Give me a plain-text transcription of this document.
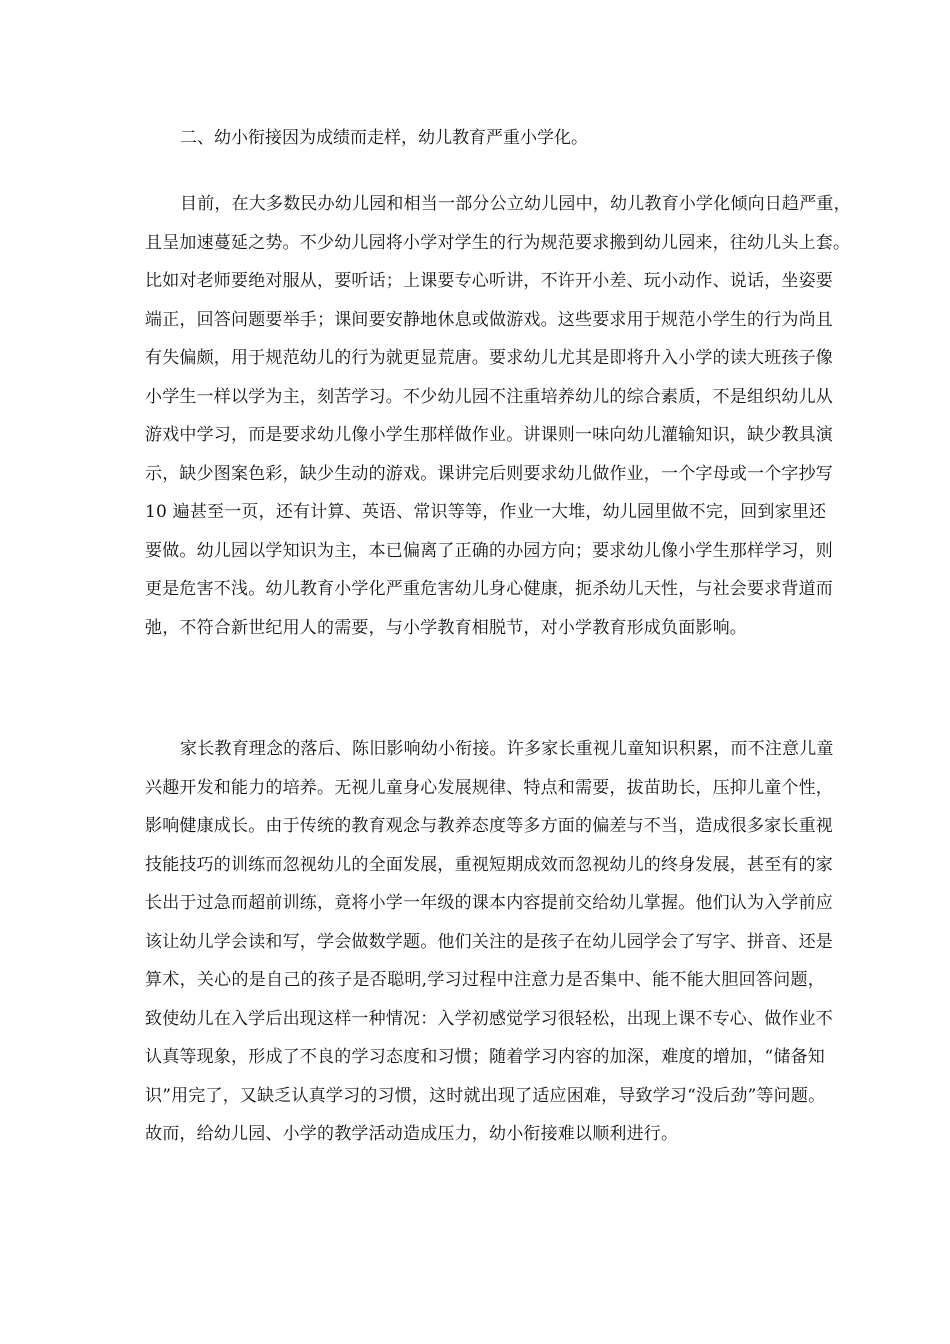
二、幼小衔接因为成绩而走样，幼儿教育严重小学化。
目前，在大多数民办幼儿园和相当一部分公立幼儿园中，幼儿教育小学化倾向日趋严重，
且呈加速蔓延之势。不少幼儿园将小学对学生的行为规范要求搬到幼儿园来，往幼儿头上套。
比如对老师要绝对服从，要听话；上课要专心听讲，不许开小差、玩小动作、说话，坐姿要
端正，回答问题要举手；课间要安静地休息或做游戏。这些要求用于规范小学生的行为尚且
有失偏颇，用于规范幼儿的行为就更显荒唐。要求幼儿尤其是即将升入小学的读大班孩子像
小学生一样以学为主，刻苦学习。不少幼儿园不注重培养幼儿的综合素质，不是组织幼儿从
游戏中学习，而是要求幼儿像小学生那样做作业。讲课则一味向幼儿灌输知识，缺少教具演
示，缺少图案色彩，缺少生动的游戏。课讲完后则要求幼儿做作业，一个字母或一个字抄写
10 遍甚至一页，还有计算、英语、常识等等，作业一大堆，幼儿园里做不完，回到家里还
要做。幼儿园以学知识为主，本已偏离了正确的办园方向；要求幼儿像小学生那样学习，则
更是危害不浅。幼儿教育小学化严重危害幼儿身心健康，扼杀幼儿天性，与社会要求背道而
弛，不符合新世纪用人的需要，与小学教育相脱节，对小学教育形成负面影响。
家长教育理念的落后、陈旧影响幼小衔接。许多家长重视儿童知识积累，而不注意儿童
兴趣开发和能力的培养。无视儿童身心发展规律、特点和需要，拔苗助长，压抑儿童个性，
影响健康成长。由于传统的教育观念与教养态度等多方面的偏差与不当，造成很多家长重视
技能技巧的训练而忽视幼儿的全面发展，重视短期成效而忽视幼儿的终身发展，甚至有的家
长出于过急而超前训练，竟将小学一年级的课本内容提前交给幼儿掌握。他们认为入学前应
该让幼儿学会读和写，学会做数学题。他们关注的是孩子在幼儿园学会了写字、拼音、还是
算术，关心的是自己的孩子是否聪明,学习过程中注意力是否集中、能不能大胆回答问题，
致使幼儿在入学后出现这样一种情况：入学初感觉学习很轻松，出现上课不专心、做作业不
认真等现象，形成了不良的学习态度和习惯；随着学习内容的加深，难度的增加，“储备知
识”用完了，又缺乏认真学习的习惯，这时就出现了适应困难，导致学习“没后劲”等问题。
故而，给幼儿园、小学的教学活动造成压力，幼小衔接难以顺利进行。
